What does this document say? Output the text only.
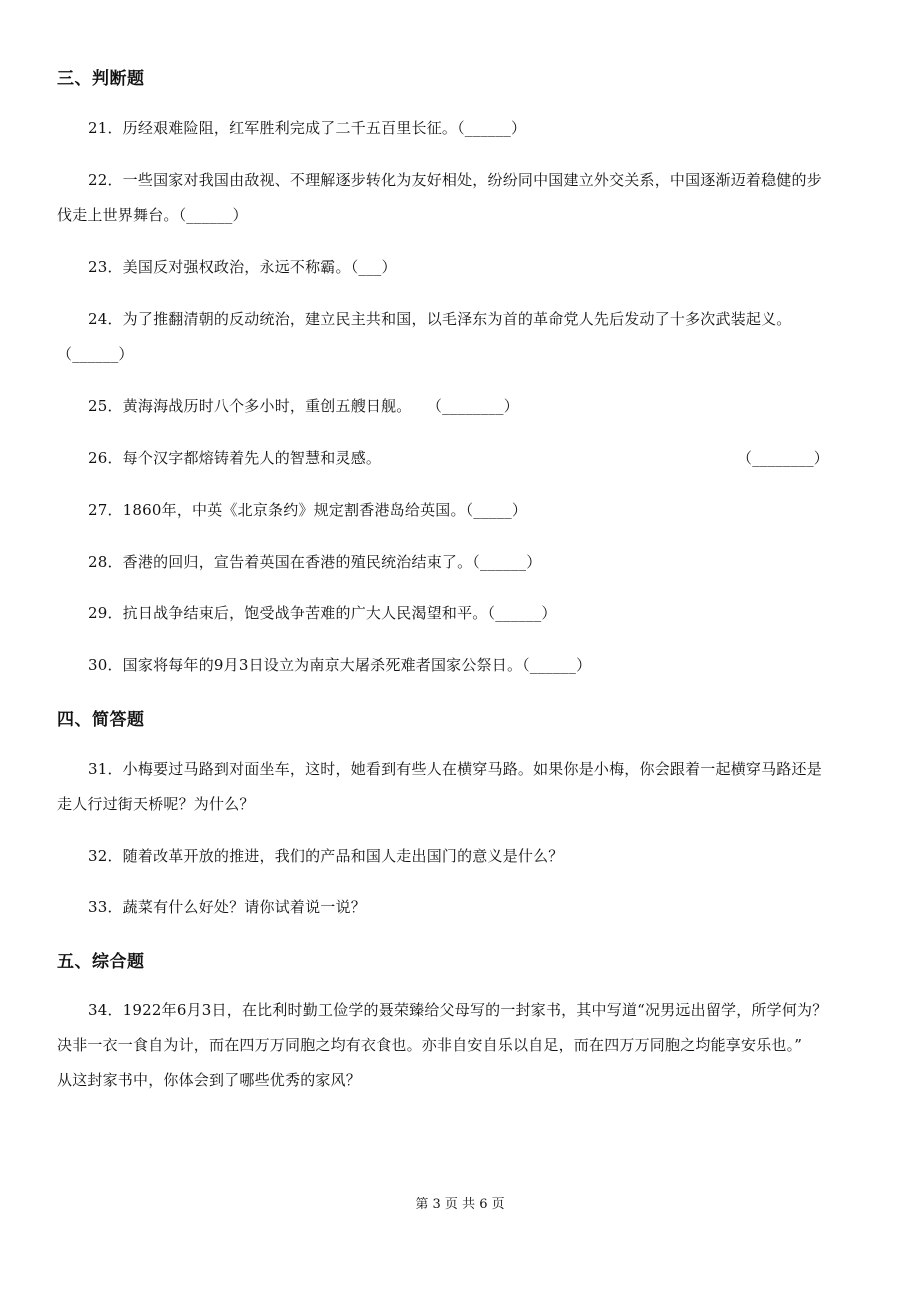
三、判断题
21．历经艰难险阻，红军胜利完成了二千五百里长征。（______）
22．一些国家对我国由敌视、不理解逐步转化为友好相处，纷纷同中国建立外交关系，中国逐渐迈着稳健的步
伐走上世界舞台。（______）
23．美国反对强权政治，永远不称霸。（___）
24．为了推翻清朝的反动统治，建立民主共和国，以毛泽东为首的革命党人先后发动了十多次武装起义。
（______）
25．黄海海战历时八个多小时，重创五艘日舰。　　（________）
26．每个汉字都熔铸着先人的智慧和灵感。	（________）
27．1860年，中英《北京条约》规定割香港岛给英国。（_____）
28．香港的回归，宣告着英国在香港的殖民统治结束了。（______）
29．抗日战争结束后，饱受战争苦难的广大人民渴望和平。（______）
30．国家将每年的9月3日设立为南京大屠杀死难者国家公祭日。（______）
四、简答题
31．小梅要过马路到对面坐车，这时，她看到有些人在横穿马路。如果你是小梅，你会跟着一起横穿马路还是
走人行过街天桥呢？为什么？
32．随着改革开放的推进，我们的产品和国人走出国门的意义是什么？
33．蔬菜有什么好处？请你试着说一说？
五、综合题
34．1922年6月3日，在比利时勤工俭学的聂荣臻给父母写的一封家书，其中写道“况男远出留学，所学何为？
决非一衣一食自为计，而在四万万同胞之均有衣食也。亦非自安自乐以自足，而在四万万同胞之均能享安乐也。”
从这封家书中，你体会到了哪些优秀的家风？
第 3 页 共 6 页
